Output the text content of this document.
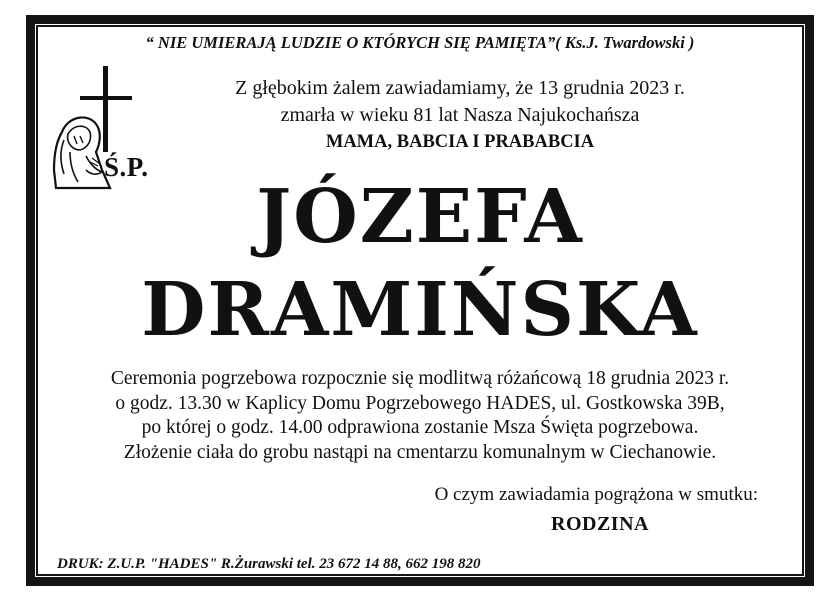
“ NIE UMIERAJĄ LUDZIE O KTÓRYCH SIĘ PAMIĘTA”( Ks.J. Twardowski )
Ś.P.
Z głębokim żalem zawiadamiamy, że 13 grudnia 2023 r.
zmarła w wieku 81 lat Nasza Najukochańsza
MAMA, BABCIA I PRABABCIA
JÓZEFA
DRAMIŃSKA
Ceremonia pogrzebowa rozpocznie się modlitwą różańcową 18 grudnia 2023 r.
o godz. 13.30 w Kaplicy Domu Pogrzebowego HADES, ul. Gostkowska 39B,
po której o godz. 14.00 odprawiona zostanie Msza Święta pogrzebowa.
Złożenie ciała do grobu nastąpi na cmentarzu komunalnym w Ciechanowie.
O czym zawiadamia pogrążona w smutku:
RODZINA
DRUK: Z.U.P. "HADES" R.Żurawski tel. 23 672 14 88, 662 198 820
